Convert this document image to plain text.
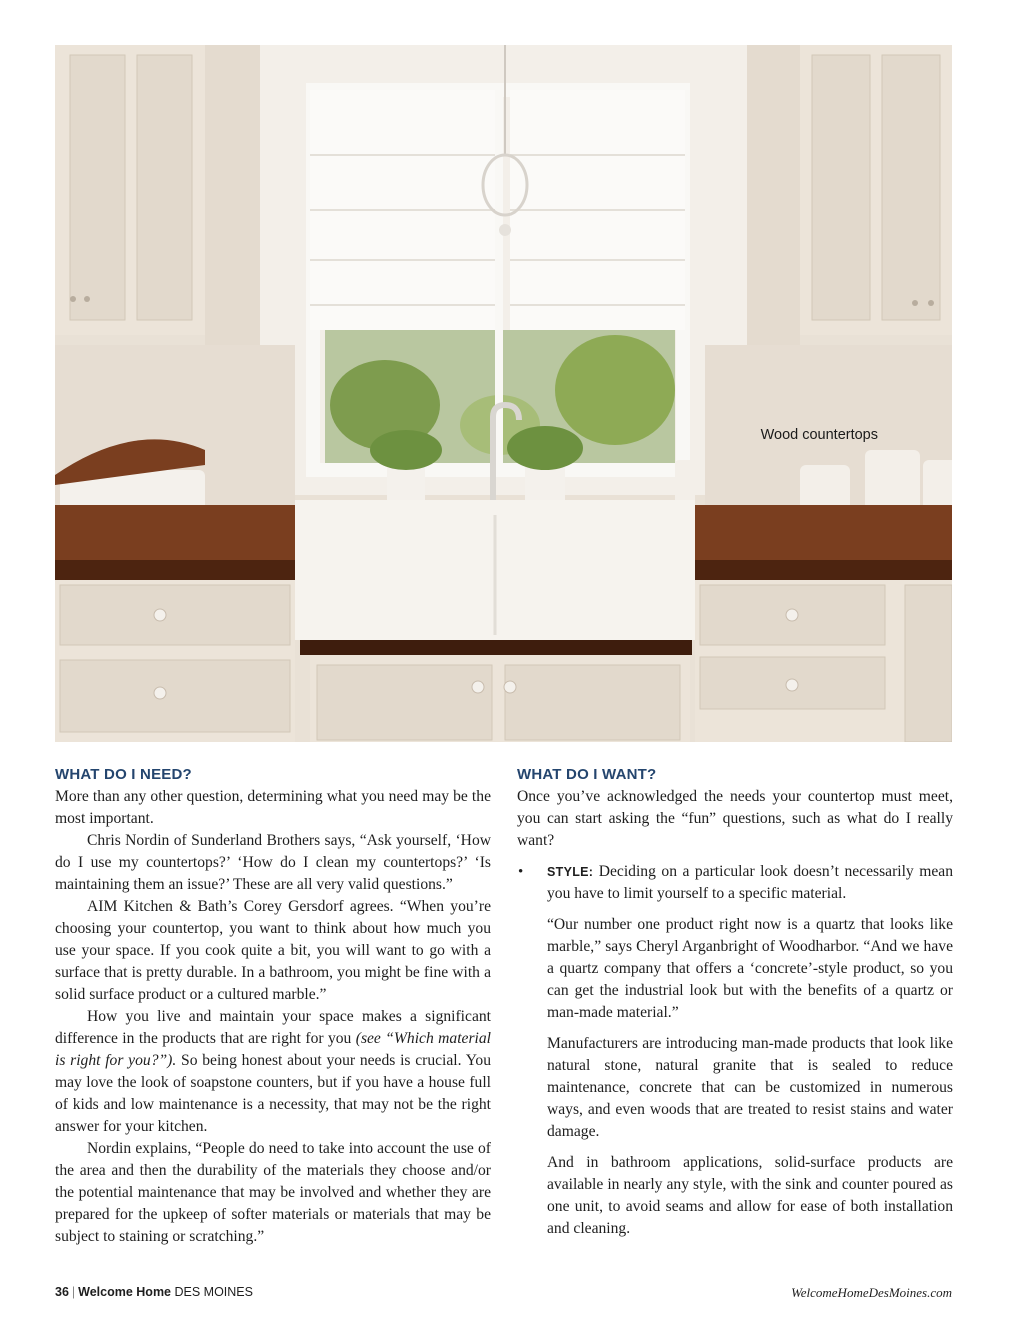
Wood countertops
WHAT DO I NEED?

More than any other question, determining what you need may be the most important.

Chris Nordin of Sunderland Brothers says, “Ask yourself, ‘How do I use my countertops?’ ‘How do I clean my countertops?’ ‘Is maintaining them an issue?’ These are all very valid questions.”

AIM Kitchen & Bath’s Corey Gersdorf agrees. “When you’re choosing your countertop, you want to think about how much you use your space. If you cook quite a bit, you will want to go with a surface that is pretty durable. In a bathroom, you might be fine with a solid surface product or a cultured marble.”

How you live and maintain your space makes a significant difference in the products that are right for you (see “Which material is right for you?”). So being honest about your needs is crucial. You may love the look of soapstone counters, but if you have a house full of kids and low maintenance is a necessity, that may not be the right answer for your kitchen.

Nordin explains, “People do need to take into account the use of the area and then the durability of the materials they choose and/or the potential maintenance that may be involved and whether they are prepared for the upkeep of softer materials or materials that may be subject to staining or scratching.”

WHAT DO I WANT?

Once you’ve acknowledged the needs your countertop must meet, you can start asking the “fun” questions, such as what do I really want?

• STYLE: Deciding on a particular look doesn’t necessarily mean you have to limit yourself to a specific material.

“Our number one product right now is a quartz that looks like marble,” says Cheryl Arganbright of Woodharbor. “And we have a quartz company that offers a ‘concrete’-style product, so you can get the industrial look but with the benefits of a quartz or man-made material.”

Manufacturers are introducing man-made products that look like natural stone, natural granite that is sealed to reduce maintenance, concrete that can be customized in numerous ways, and even woods that are treated to resist stains and water damage.

And in bathroom applications, solid-surface products are available in nearly any style, with the sink and counter poured as one unit, to avoid seams and allow for ease of both installation and cleaning.

36 | Welcome Home DES MOINES	WelcomeHomeDesMoines.com
